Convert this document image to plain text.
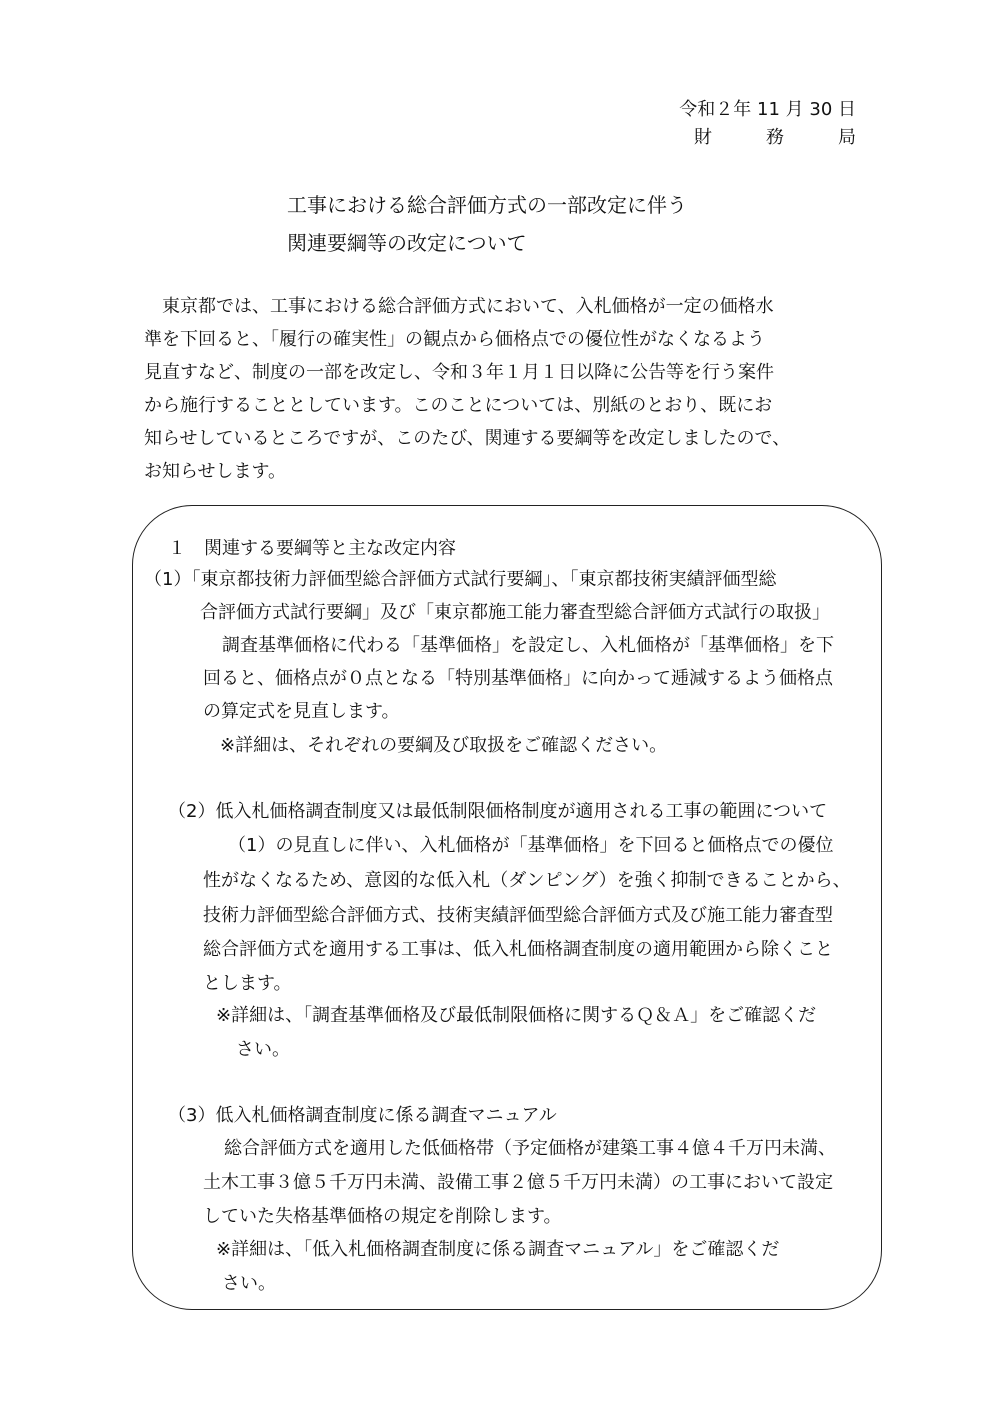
令和２年 11 月 30 日
財　　　務　　　局
工事における総合評価方式の一部改定に伴う
関連要綱等の改定について
　東京都では、工事における総合評価方式において、入札価格が一定の価格水
準を下回ると、「履行の確実性」の観点から価格点での優位性がなくなるよう
見直すなど、制度の一部を改定し、令和３年１月１日以降に公告等を行う案件
から施行することとしています。このことについては、別紙のとおり、既にお
知らせしているところですが、このたび、関連する要綱等を改定しましたので、
お知らせします。
１　関連する要綱等と主な改定内容
（1）「東京都技術力評価型総合評価方式試行要綱」、「東京都技術実績評価型総
合評価方式試行要綱」及び「東京都施工能力審査型総合評価方式試行の取扱」
調査基準価格に代わる「基準価格」を設定し、入札価格が「基準価格」を下
回ると、価格点が０点となる「特別基準価格」に向かって逓減するよう価格点
の算定式を見直します。
※詳細は、それぞれの要綱及び取扱をご確認ください。
（2）低入札価格調査制度又は最低制限価格制度が適用される工事の範囲について
（1）の見直しに伴い、入札価格が「基準価格」を下回ると価格点での優位
性がなくなるため、意図的な低入札（ダンピング）を強く抑制できることから、
技術力評価型総合評価方式、技術実績評価型総合評価方式及び施工能力審査型
総合評価方式を適用する工事は、低入札価格調査制度の適用範囲から除くこと
とします。
※詳細は、「調査基準価格及び最低制限価格に関するＱ＆Ａ」をご確認くだ
さい。
（3）低入札価格調査制度に係る調査マニュアル
総合評価方式を適用した低価格帯（予定価格が建築工事４億４千万円未満、
土木工事３億５千万円未満、設備工事２億５千万円未満）の工事において設定
していた失格基準価格の規定を削除します。
※詳細は、「低入札価格調査制度に係る調査マニュアル」をご確認くだ
さい。
